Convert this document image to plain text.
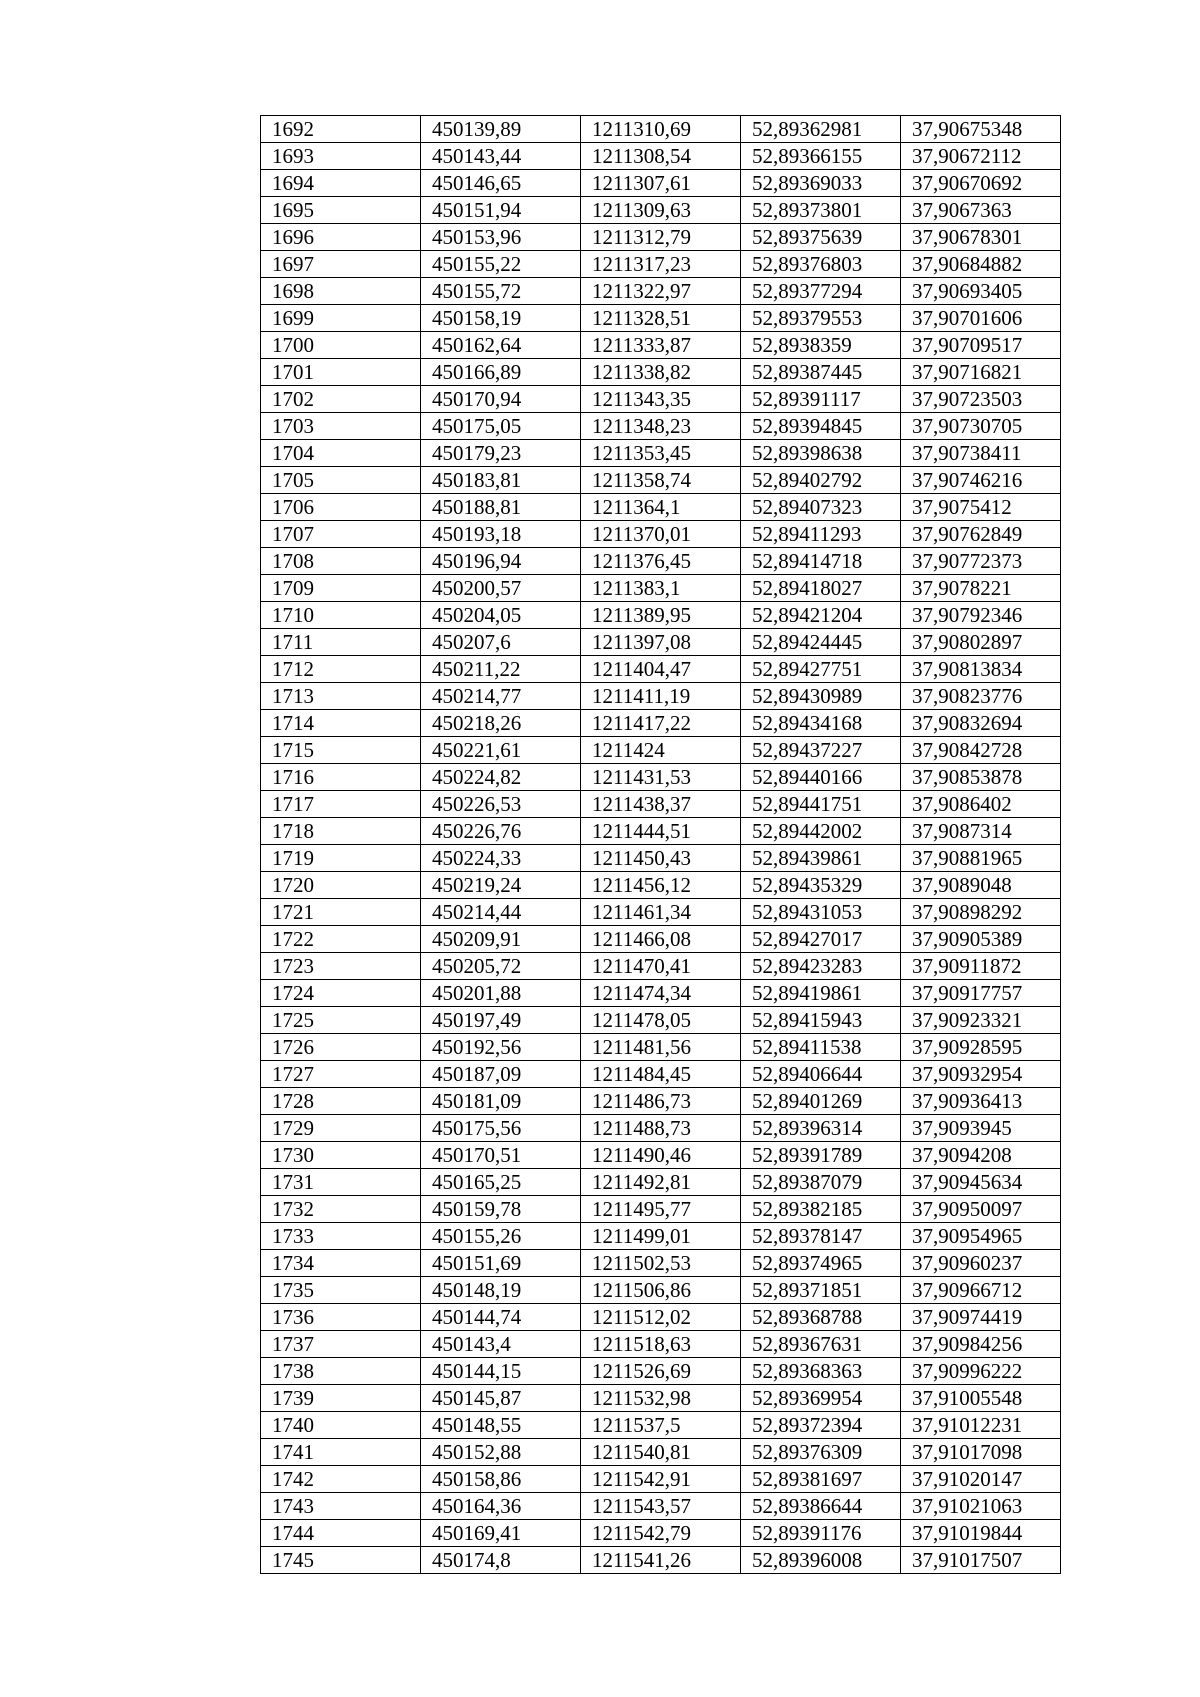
1692	450139,89	1211310,69	52,89362981	37,90675348
1693	450143,44	1211308,54	52,89366155	37,90672112
1694	450146,65	1211307,61	52,89369033	37,90670692
1695	450151,94	1211309,63	52,89373801	37,9067363
1696	450153,96	1211312,79	52,89375639	37,90678301
1697	450155,22	1211317,23	52,89376803	37,90684882
1698	450155,72	1211322,97	52,89377294	37,90693405
1699	450158,19	1211328,51	52,89379553	37,90701606
1700	450162,64	1211333,87	52,8938359	37,90709517
1701	450166,89	1211338,82	52,89387445	37,90716821
1702	450170,94	1211343,35	52,89391117	37,90723503
1703	450175,05	1211348,23	52,89394845	37,90730705
1704	450179,23	1211353,45	52,89398638	37,90738411
1705	450183,81	1211358,74	52,89402792	37,90746216
1706	450188,81	1211364,1	52,89407323	37,9075412
1707	450193,18	1211370,01	52,89411293	37,90762849
1708	450196,94	1211376,45	52,89414718	37,90772373
1709	450200,57	1211383,1	52,89418027	37,9078221
1710	450204,05	1211389,95	52,89421204	37,90792346
1711	450207,6	1211397,08	52,89424445	37,90802897
1712	450211,22	1211404,47	52,89427751	37,90813834
1713	450214,77	1211411,19	52,89430989	37,90823776
1714	450218,26	1211417,22	52,89434168	37,90832694
1715	450221,61	1211424	52,89437227	37,90842728
1716	450224,82	1211431,53	52,89440166	37,90853878
1717	450226,53	1211438,37	52,89441751	37,9086402
1718	450226,76	1211444,51	52,89442002	37,9087314
1719	450224,33	1211450,43	52,89439861	37,90881965
1720	450219,24	1211456,12	52,89435329	37,9089048
1721	450214,44	1211461,34	52,89431053	37,90898292
1722	450209,91	1211466,08	52,89427017	37,90905389
1723	450205,72	1211470,41	52,89423283	37,90911872
1724	450201,88	1211474,34	52,89419861	37,90917757
1725	450197,49	1211478,05	52,89415943	37,90923321
1726	450192,56	1211481,56	52,89411538	37,90928595
1727	450187,09	1211484,45	52,89406644	37,90932954
1728	450181,09	1211486,73	52,89401269	37,90936413
1729	450175,56	1211488,73	52,89396314	37,9093945
1730	450170,51	1211490,46	52,89391789	37,9094208
1731	450165,25	1211492,81	52,89387079	37,90945634
1732	450159,78	1211495,77	52,89382185	37,90950097
1733	450155,26	1211499,01	52,89378147	37,90954965
1734	450151,69	1211502,53	52,89374965	37,90960237
1735	450148,19	1211506,86	52,89371851	37,90966712
1736	450144,74	1211512,02	52,89368788	37,90974419
1737	450143,4	1211518,63	52,89367631	37,90984256
1738	450144,15	1211526,69	52,89368363	37,90996222
1739	450145,87	1211532,98	52,89369954	37,91005548
1740	450148,55	1211537,5	52,89372394	37,91012231
1741	450152,88	1211540,81	52,89376309	37,91017098
1742	450158,86	1211542,91	52,89381697	37,91020147
1743	450164,36	1211543,57	52,89386644	37,91021063
1744	450169,41	1211542,79	52,89391176	37,91019844
1745	450174,8	1211541,26	52,89396008	37,91017507
